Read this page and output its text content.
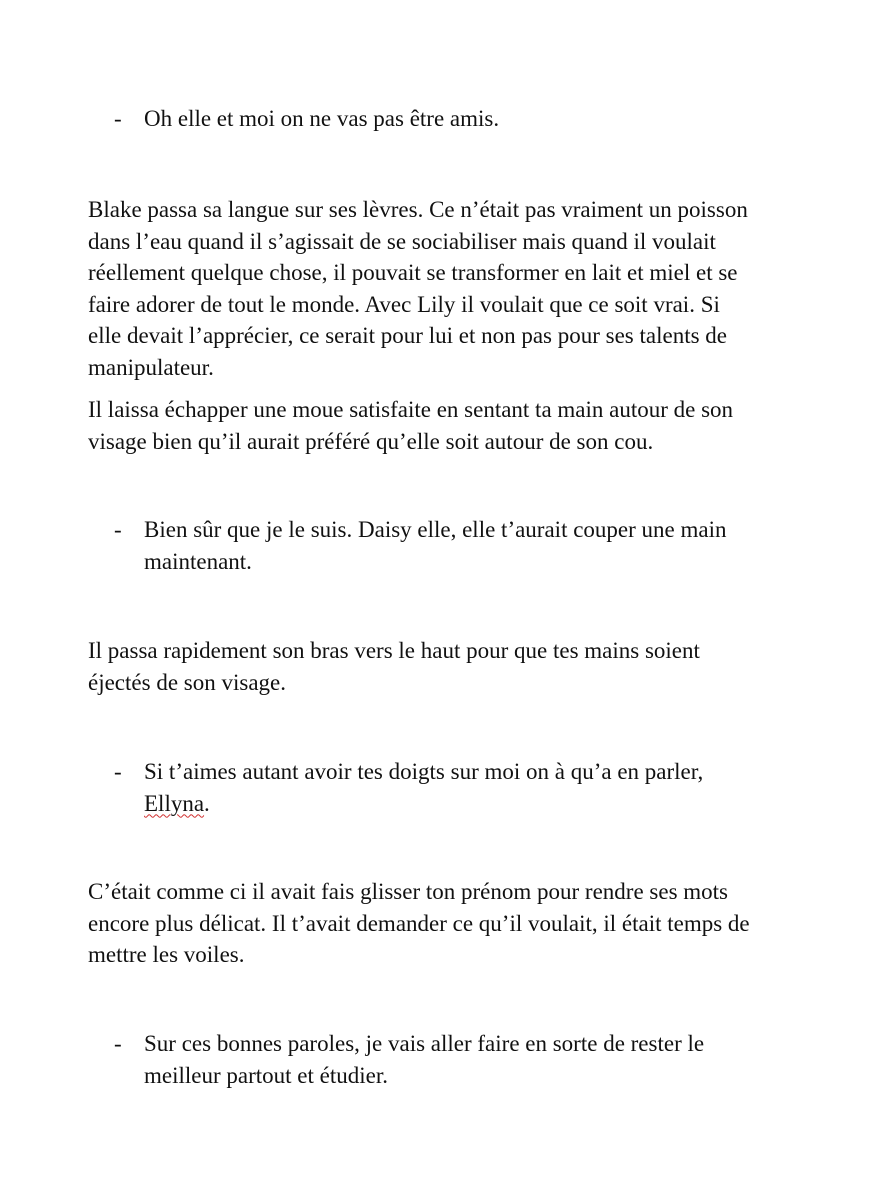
- Oh elle et moi on ne vas pas être amis.
Blake passa sa langue sur ses lèvres. Ce n’était pas vraiment un poisson
dans l’eau quand il s’agissait de se sociabiliser mais quand il voulait
réellement quelque chose, il pouvait se transformer en lait et miel et se
faire adorer de tout le monde. Avec Lily il voulait que ce soit vrai. Si
elle devait l’apprécier, ce serait pour lui et non pas pour ses talents de
manipulateur.
Il laissa échapper une moue satisfaite en sentant ta main autour de son
visage bien qu’il aurait préféré qu’elle soit autour de son cou.
- Bien sûr que je le suis. Daisy elle, elle t’aurait couper une main
maintenant.
Il passa rapidement son bras vers le haut pour que tes mains soient
éjectés de son visage.
- Si t’aimes autant avoir tes doigts sur moi on à qu’a en parler,
Ellyna.
C’était comme ci il avait fais glisser ton prénom pour rendre ses mots
encore plus délicat. Il t’avait demander ce qu’il voulait, il était temps de
mettre les voiles.
- Sur ces bonnes paroles, je vais aller faire en sorte de rester le
meilleur partout et étudier.
